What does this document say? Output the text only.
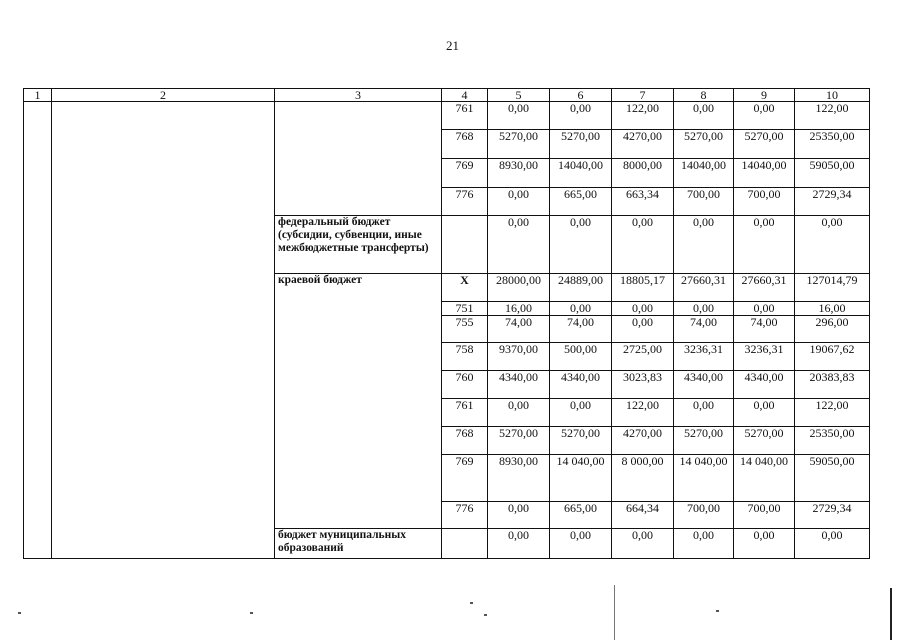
21
1	2	3	4	5	6	7	8	9	10
			761	0,00	0,00	122,00	0,00	0,00	122,00
			768	5270,00	5270,00	4270,00	5270,00	5270,00	25350,00
			769	8930,00	14040,00	8000,00	14040,00	14040,00	59050,00
			776	0,00	665,00	663,34	700,00	700,00	2729,34
		федеральный бюджет (субсидии, субвенции, иные межбюджетные трансферты)		0,00	0,00	0,00	0,00	0,00	0,00
		краевой бюджет	X	28000,00	24889,00	18805,17	27660,31	27660,31	127014,79
			751	16,00	0,00	0,00	0,00	0,00	16,00
			755	74,00	74,00	0,00	74,00	74,00	296,00
			758	9370,00	500,00	2725,00	3236,31	3236,31	19067,62
			760	4340,00	4340,00	3023,83	4340,00	4340,00	20383,83
			761	0,00	0,00	122,00	0,00	0,00	122,00
			768	5270,00	5270,00	4270,00	5270,00	5270,00	25350,00
			769	8930,00	14 040,00	8 000,00	14 040,00	14 040,00	59050,00
			776	0,00	665,00	664,34	700,00	700,00	2729,34
		бюджет муниципальных образований		0,00	0,00	0,00	0,00	0,00	0,00
